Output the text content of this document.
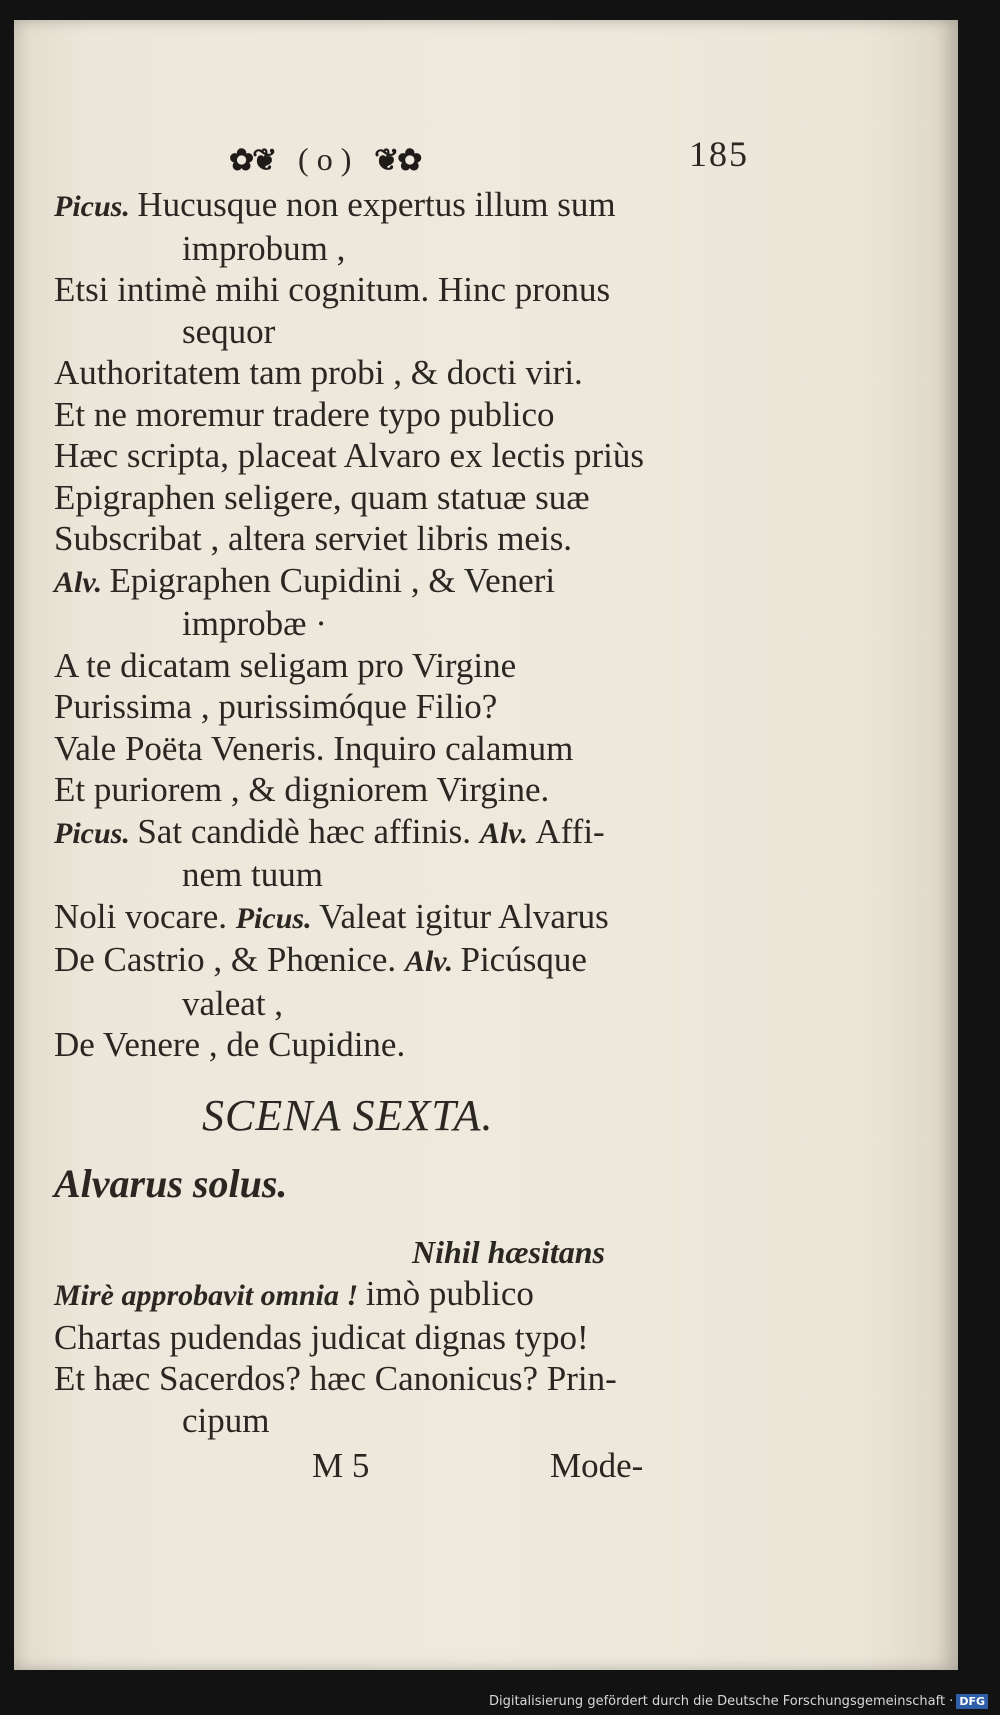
✿❦ ( o ) ❦✿	185
Picus. Hucusque non expertus illum sum
improbum ,
Etsi intimè mihi cognitum. Hinc pronus
sequor
Authoritatem tam probi , & docti viri.
Et ne moremur tradere typo publico
Hæc scripta, placeat Alvaro ex lectis priùs
Epigraphen seligere, quam statuæ suæ
Subscribat , altera serviet libris meis.
Alv. Epigraphen Cupidini , & Veneri
improbæ ·
A te dicatam seligam pro Virgine
Purissima , purissimóque Filio?
Vale Poëta Veneris. Inquiro calamum
Et puriorem , & digniorem Virgine.
Picus. Sat candidè hæc affinis. Alv. Affi-
nem tuum
Noli vocare. Picus. Valeat igitur Alvarus
De Castrio , & Phœnice. Alv. Picúsque
valeat ,
De Venere , de Cupidine.
SCENA SEXTA.
Alvarus solus.
Nihil hæsitans
Mirè approbavit omnia ! imò publico
Chartas pudendas judicat dignas typo!
Et hæc Sacerdos? hæc Canonicus? Prin-
cipum
M 5	Mode-
Digitalisierung gefördert durch die Deutsche Forschungsgemeinschaft · DFG
